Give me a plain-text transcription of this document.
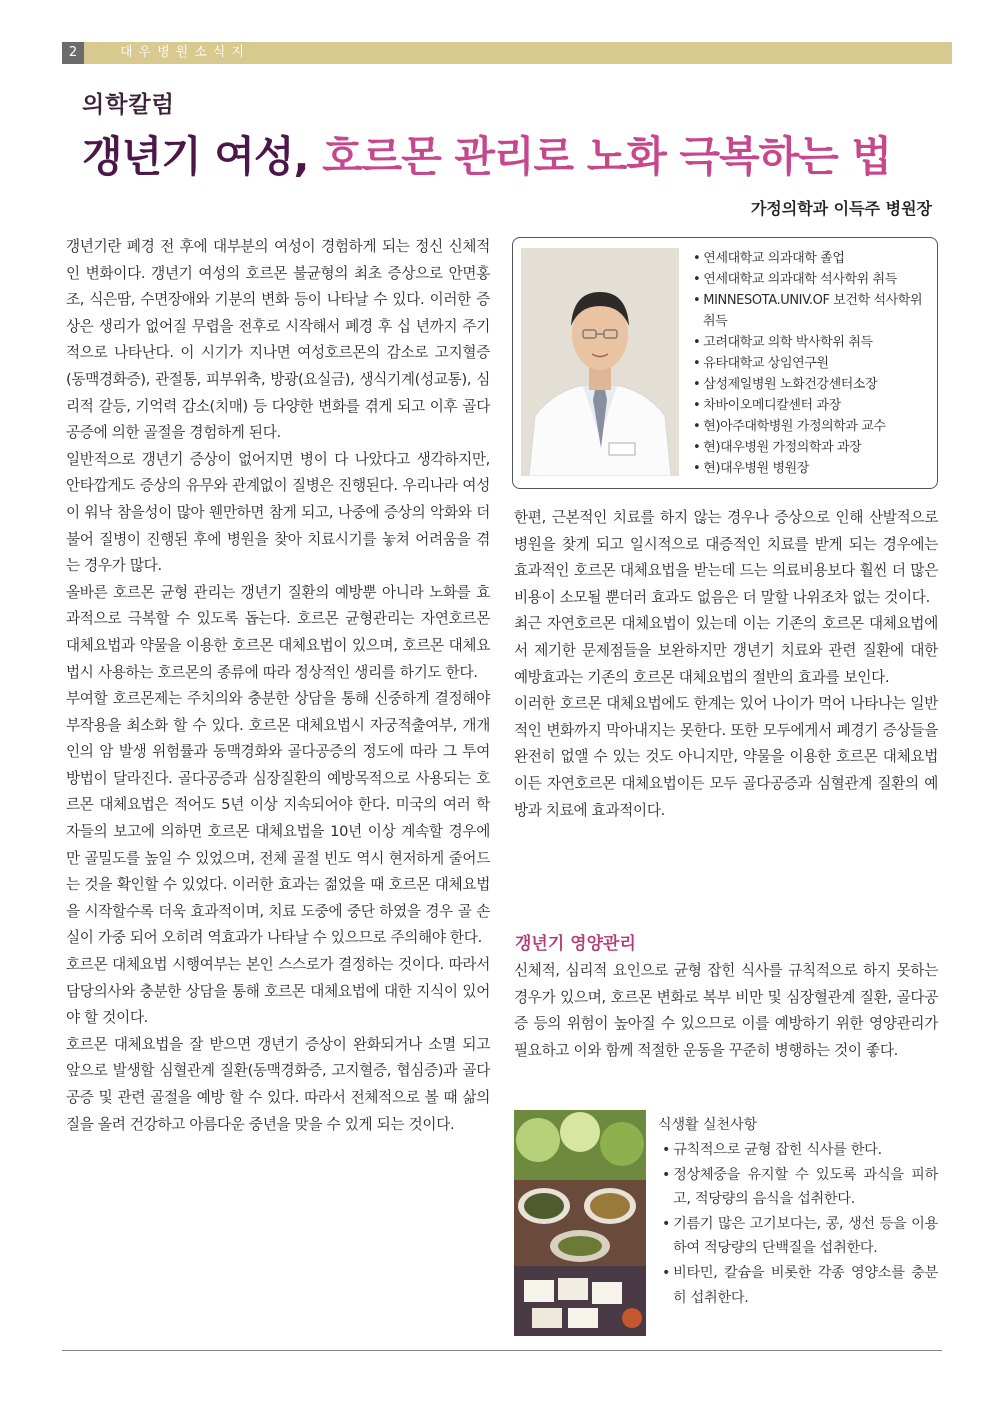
2	대우병원소식지
의학칼럼
갱년기 여성, 호르몬 관리로 노화 극복하는 법
가정의학과 이득주 병원장

갱년기란 폐경 전 후에 대부분의 여성이 경험하게 되는 정신 신체적인 변화이다. 갱년기 여성의 호르몬 불균형의 최초 증상으로 안면홍조, 식은땀, 수면장애와 기분의 변화 등이 나타날 수 있다. 이러한 증상은 생리가 없어질 무렵을 전후로 시작해서 폐경 후 십 년까지 주기적으로 나타난다. 이 시기가 지나면 여성호르몬의 감소로 고지혈증(동맥경화증), 관절통, 피부위축, 방광(요실금), 생식기계(성교통), 심리적 갈등, 기억력 감소(치매) 등 다양한 변화를 겪게 되고 이후 골다공증에 의한 골절을 경험하게 된다.

일반적으로 갱년기 증상이 없어지면 병이 다 나았다고 생각하지만, 안타깝게도 증상의 유무와 관계없이 질병은 진행된다. 우리나라 여성이 워낙 참을성이 많아 웬만하면 참게 되고, 나중에 증상의 악화와 더불어 질병이 진행된 후에 병원을 찾아 치료시기를 놓쳐 어려움을 겪는 경우가 많다.

올바른 호르몬 균형 관리는 갱년기 질환의 예방뿐 아니라 노화를 효과적으로 극복할 수 있도록 돕는다. 호르몬 균형관리는 자연호르몬 대체요법과 약물을 이용한 호르몬 대체요법이 있으며, 호르몬 대체요법시 사용하는 호르몬의 종류에 따라 정상적인 생리를 하기도 한다.

부여할 호르몬제는 주치의와 충분한 상담을 통해 신중하게 결정해야 부작용을 최소화 할 수 있다. 호르몬 대체요법시 자궁적출여부, 개개인의 암 발생 위험률과 동맥경화와 골다공증의 정도에 따라 그 투여방법이 달라진다. 골다공증과 심장질환의 예방목적으로 사용되는 호르몬 대체요법은 적어도 5년 이상 지속되어야 한다. 미국의 여러 학자들의 보고에 의하면 호르몬 대체요법을 10년 이상 계속할 경우에만 골밀도를 높일 수 있었으며, 전체 골절 빈도 역시 현저하게 줄어드는 것을 확인할 수 있었다. 이러한 효과는 젊었을 때 호르몬 대체요법을 시작할수록 더욱 효과적이며, 치료 도중에 중단 하였을 경우 골 손실이 가중 되어 오히려 역효과가 나타날 수 있으므로 주의해야 한다.

호르몬 대체요법 시행여부는 본인 스스로가 결정하는 것이다. 따라서 담당의사와 충분한 상담을 통해 호르몬 대체요법에 대한 지식이 있어야 할 것이다.

호르몬 대체요법을 잘 받으면 갱년기 증상이 완화되거나 소멸 되고 앞으로 발생할 심혈관계 질환(동맥경화증, 고지혈증, 협심증)과 골다공증 및 관련 골절을 예방 할 수 있다. 따라서 전체적으로 볼 때 삶의 질을 올려 건강하고 아름다운 중년을 맞을 수 있게 되는 것이다.

• 연세대학교 의과대학 졸업
• 연세대학교 의과대학 석사학위 취득
• MINNESOTA.UNIV.OF 보건학 석사학위 취득
• 고려대학교 의학 박사학위 취득
• 유타대학교 상임연구원
• 삼성제일병원 노화건강센터소장
• 차바이오메디칼센터 과장
• 현)아주대학병원 가정의학과 교수
• 현)대우병원 가정의학과 과장
• 현)대우병원 병원장

한편, 근본적인 치료를 하지 않는 경우나 증상으로 인해 산발적으로 병원을 찾게 되고 일시적으로 대증적인 치료를 받게 되는 경우에는 효과적인 호르몬 대체요법을 받는데 드는 의료비용보다 훨씬 더 많은 비용이 소모될 뿐더러 효과도 없음은 더 말할 나위조차 없는 것이다.

최근 자연호르몬 대체요법이 있는데 이는 기존의 호르몬 대체요법에서 제기한 문제점들을 보완하지만 갱년기 치료와 관련 질환에 대한 예방효과는 기존의 호르몬 대체요법의 절반의 효과를 보인다.

이러한 호르몬 대체요법에도 한계는 있어 나이가 먹어 나타나는 일반적인 변화까지 막아내지는 못한다. 또한 모두에게서 폐경기 증상들을 완전히 없앨 수 있는 것도 아니지만, 약물을 이용한 호르몬 대체요법이든 자연호르몬 대체요법이든 모두 골다공증과 심혈관계 질환의 예방과 치료에 효과적이다.

갱년기 영양관리

신체적, 심리적 요인으로 균형 잡힌 식사를 규칙적으로 하지 못하는 경우가 있으며, 호르몬 변화로 복부 비만 및 심장혈관계 질환, 골다공증 등의 위험이 높아질 수 있으므로 이를 예방하기 위한 영양관리가 필요하고 이와 함께 적절한 운동을 꾸준히 병행하는 것이 좋다.

식생활 실천사항
• 규칙적으로 균형 잡힌 식사를 한다.
• 정상체중을 유지할 수 있도록 과식을 피하고, 적당량의 음식을 섭취한다.
• 기름기 많은 고기보다는, 콩, 생선 등을 이용하여 적당량의 단백질을 섭취한다.
• 비타민, 칼슘을 비롯한 각종 영양소를 충분히 섭취한다.
